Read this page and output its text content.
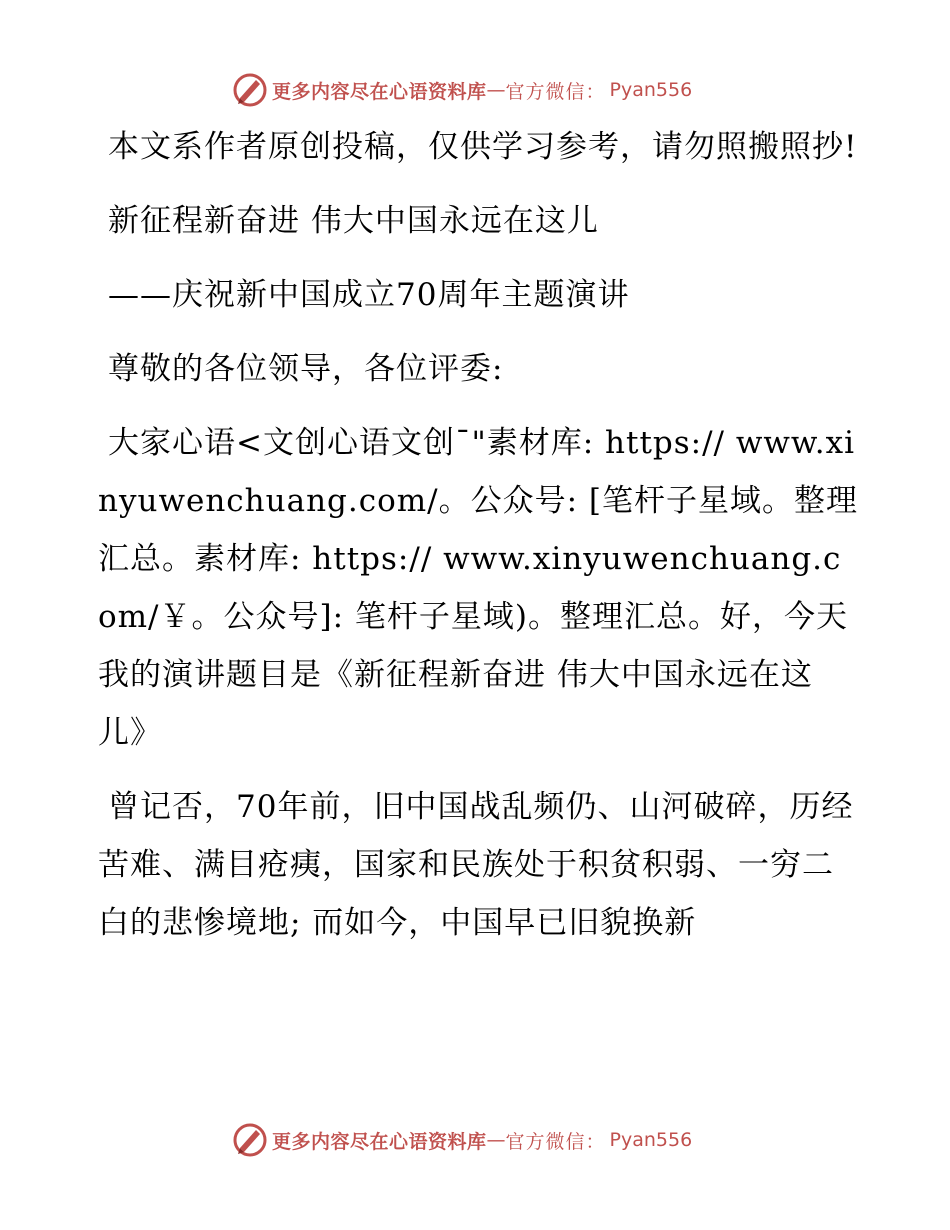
更多内容尽在心语资料库 — 官方微信： Pyan556

本文系作者原创投稿，仅供学习参考，请勿照搬照抄!

新征程新奋进 伟大中国永远在这儿

——庆祝新中国成立70周年主题演讲

尊敬的各位领导，各位评委:

大家心语<文创心语文创¯"素材库: https:// www.xinyuwenchuang.com/。公众号: [笔杆子星域。整理汇总。素材库: https:// www.xinyuwenchuang.com/￥。公众号]: 笔杆子星域)。整理汇总。好，今天我的演讲题目是《新征程新奋进 伟大中国永远在这儿》

曾记否，70年前，旧中国战乱频仍、山河破碎，历经苦难、满目疮痍，国家和民族处于积贫积弱、一穷二白的悲惨境地; 而如今，中国早已旧貌换新

更多内容尽在心语资料库 — 官方微信： Pyan556
